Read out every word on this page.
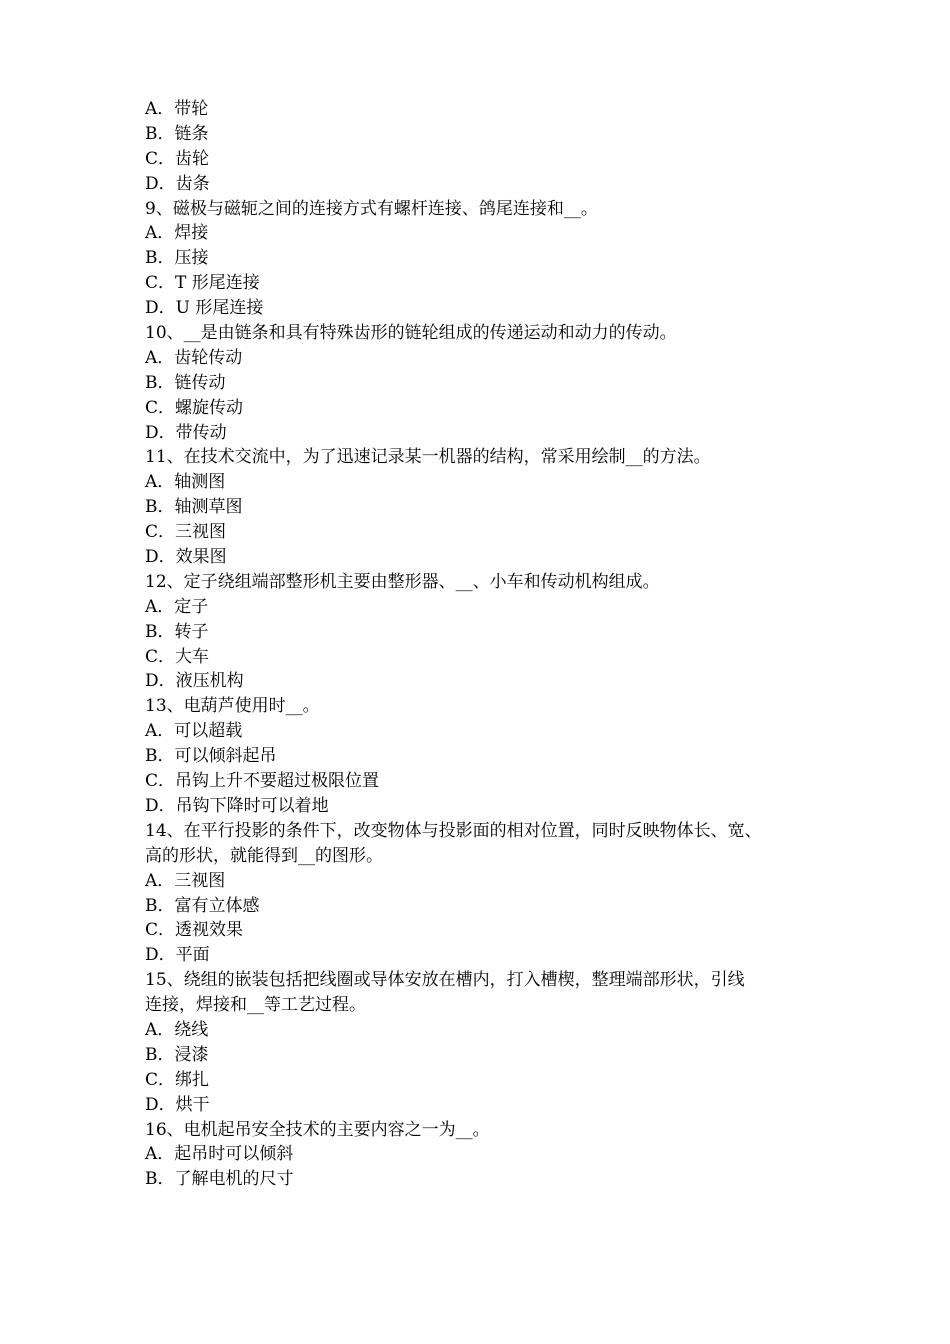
A．带轮
B．链条
C．齿轮
D．齿条
9、磁极与磁轭之间的连接方式有螺杆连接、鸽尾连接和__。
A．焊接
B．压接
C．T 形尾连接
D．U 形尾连接
10、__是由链条和具有特殊齿形的链轮组成的传递运动和动力的传动。
A．齿轮传动
B．链传动
C．螺旋传动
D．带传动
11、在技术交流中，为了迅速记录某一机器的结构，常采用绘制__的方法。
A．轴测图
B．轴测草图
C．三视图
D．效果图
12、定子绕组端部整形机主要由整形器、__、小车和传动机构组成。
A．定子
B．转子
C．大车
D．液压机构
13、电葫芦使用时__。
A．可以超载
B．可以倾斜起吊
C．吊钩上升不要超过极限位置
D．吊钩下降时可以着地
14、在平行投影的条件下，改变物体与投影面的相对位置，同时反映物体长、宽、
高的形状，就能得到__的图形。
A．三视图
B．富有立体感
C．透视效果
D．平面
15、绕组的嵌装包括把线圈或导体安放在槽内，打入槽楔，整理端部形状，引线
连接，焊接和__等工艺过程。
A．绕线
B．浸漆
C．绑扎
D．烘干
16、电机起吊安全技术的主要内容之一为__。
A．起吊时可以倾斜
B．了解电机的尺寸
